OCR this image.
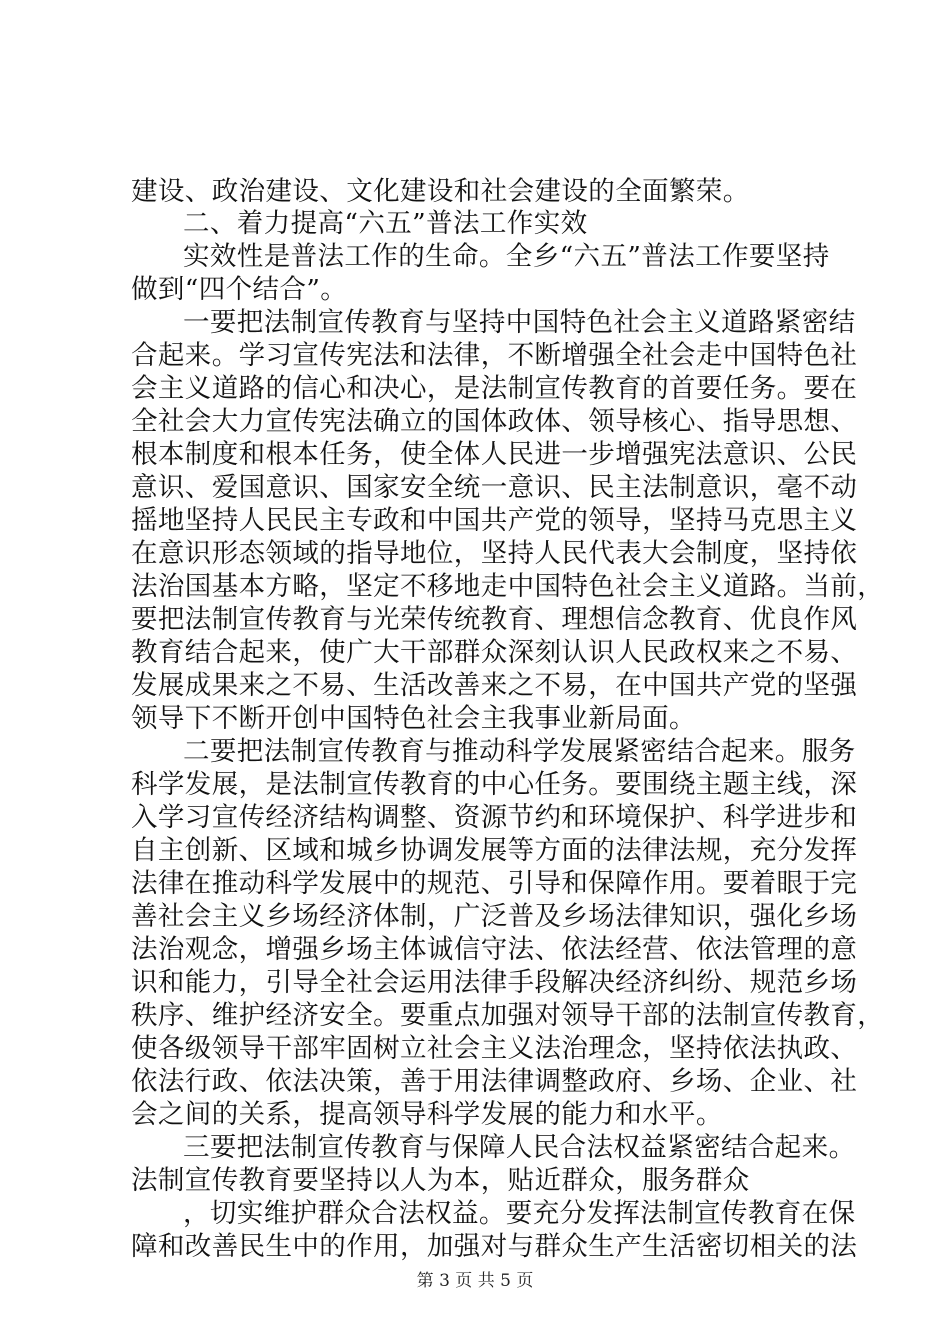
建设、政治建设、文化建设和社会建设的全面繁荣。
二、着力提高“六五”普法工作实效
实效性是普法工作的生命。全乡“六五”普法工作要坚持
做到“四个结合”。
一要把法制宣传教育与坚持中国特色社会主义道路紧密结
合起来。学习宣传宪法和法律，不断增强全社会走中国特色社
会主义道路的信心和决心，是法制宣传教育的首要任务。要在
全社会大力宣传宪法确立的国体政体、领导核心、指导思想、
根本制度和根本任务，使全体人民进一步增强宪法意识、公民
意识、爱国意识、国家安全统一意识、民主法制意识，毫不动
摇地坚持人民民主专政和中国共产党的领导，坚持马克思主义
在意识形态领域的指导地位，坚持人民代表大会制度，坚持依
法治国基本方略，坚定不移地走中国特色社会主义道路。当前，
要把法制宣传教育与光荣传统教育、理想信念教育、优良作风
教育结合起来，使广大干部群众深刻认识人民政权来之不易、
发展成果来之不易、生活改善来之不易，在中国共产党的坚强
领导下不断开创中国特色社会主我事业新局面。
二要把法制宣传教育与推动科学发展紧密结合起来。服务
科学发展，是法制宣传教育的中心任务。要围绕主题主线，深
入学习宣传经济结构调整、资源节约和环境保护、科学进步和
自主创新、区域和城乡协调发展等方面的法律法规，充分发挥
法律在推动科学发展中的规范、引导和保障作用。要着眼于完
善社会主义乡场经济体制，广泛普及乡场法律知识，强化乡场
法治观念，增强乡场主体诚信守法、依法经营、依法管理的意
识和能力，引导全社会运用法律手段解决经济纠纷、规范乡场
秩序、维护经济安全。要重点加强对领导干部的法制宣传教育，
使各级领导干部牢固树立社会主义法治理念，坚持依法执政、
依法行政、依法决策，善于用法律调整政府、乡场、企业、社
会之间的关系，提高领导科学发展的能力和水平。
三要把法制宣传教育与保障人民合法权益紧密结合起来。
法制宣传教育要坚持以人为本，贴近群众，服务群众
，切实维护群众合法权益。要充分发挥法制宣传教育在保
障和改善民生中的作用，加强对与群众生产生活密切相关的法
第 3 页 共 5 页
